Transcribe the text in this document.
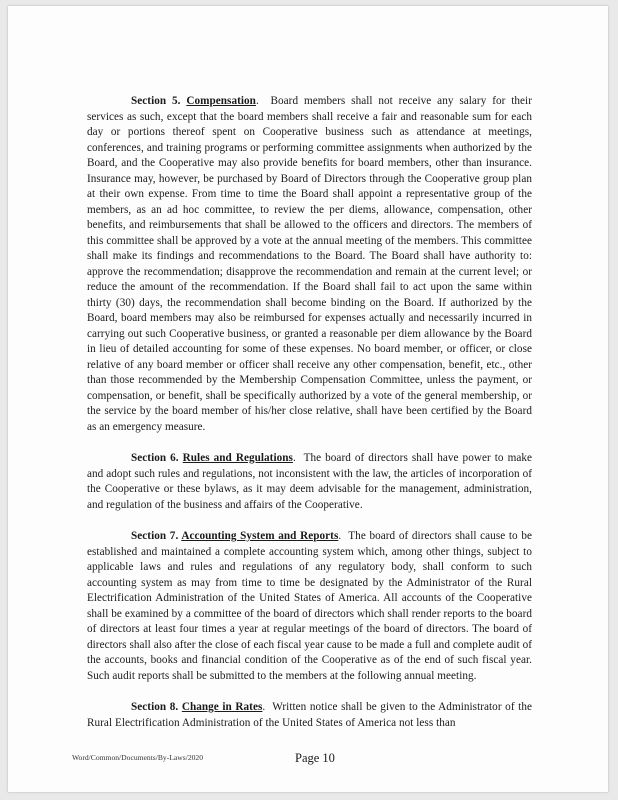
Section 5. Compensation.  Board members shall not receive any salary for their services as such, except that the board members shall receive a fair and reasonable sum for each day or portions thereof spent on Cooperative business such as attendance at meetings, conferences, and training programs or performing committee assignments when authorized by the Board, and the Cooperative may also provide benefits for board members, other than insurance. Insurance may, however, be purchased by Board of Directors through the Cooperative group plan at their own expense. From time to time the Board shall appoint a representative group of the members, as an ad hoc committee, to review the per diems, allowance, compensation, other benefits, and reimbursements that shall be allowed to the officers and directors. The members of this committee shall be approved by a vote at the annual meeting of the members. This committee shall make its findings and recommendations to the Board. The Board shall have authority to: approve the recommendation; disapprove the recommendation and remain at the current level; or reduce the amount of the recommendation. If the Board shall fail to act upon the same within thirty (30) days, the recommendation shall become binding on the Board. If authorized by the Board, board members may also be reimbursed for expenses actually and necessarily incurred in carrying out such Cooperative business, or granted a reasonable per diem allowance by the Board in lieu of detailed accounting for some of these expenses. No board member, or officer, or close relative of any board member or officer shall receive any other compensation, benefit, etc., other than those recommended by the Membership Compensation Committee, unless the payment, or compensation, or benefit, shall be specifically authorized by a vote of the general membership, or the service by the board member of his/her close relative, shall have been certified by the Board as an emergency measure.

Section 6. Rules and Regulations.  The board of directors shall have power to make and adopt such rules and regulations, not inconsistent with the law, the articles of incorporation of the Cooperative or these bylaws, as it may deem advisable for the management, administration, and regulation of the business and affairs of the Cooperative.

Section 7. Accounting System and Reports.  The board of directors shall cause to be established and maintained a complete accounting system which, among other things, subject to applicable laws and rules and regulations of any regulatory body, shall conform to such accounting system as may from time to time be designated by the Administrator of the Rural Electrification Administration of the United States of America. All accounts of the Cooperative shall be examined by a committee of the board of directors which shall render reports to the board of directors at least four times a year at regular meetings of the board of directors. The board of directors shall also after the close of each fiscal year cause to be made a full and complete audit of the accounts, books and financial condition of the Cooperative as of the end of such fiscal year. Such audit reports shall be submitted to the members at the following annual meeting.

Section 8. Change in Rates.  Written notice shall be given to the Administrator of the Rural Electrification Administration of the United States of America not less than

Word/Common/Documents/By-Laws/2020	Page 10
